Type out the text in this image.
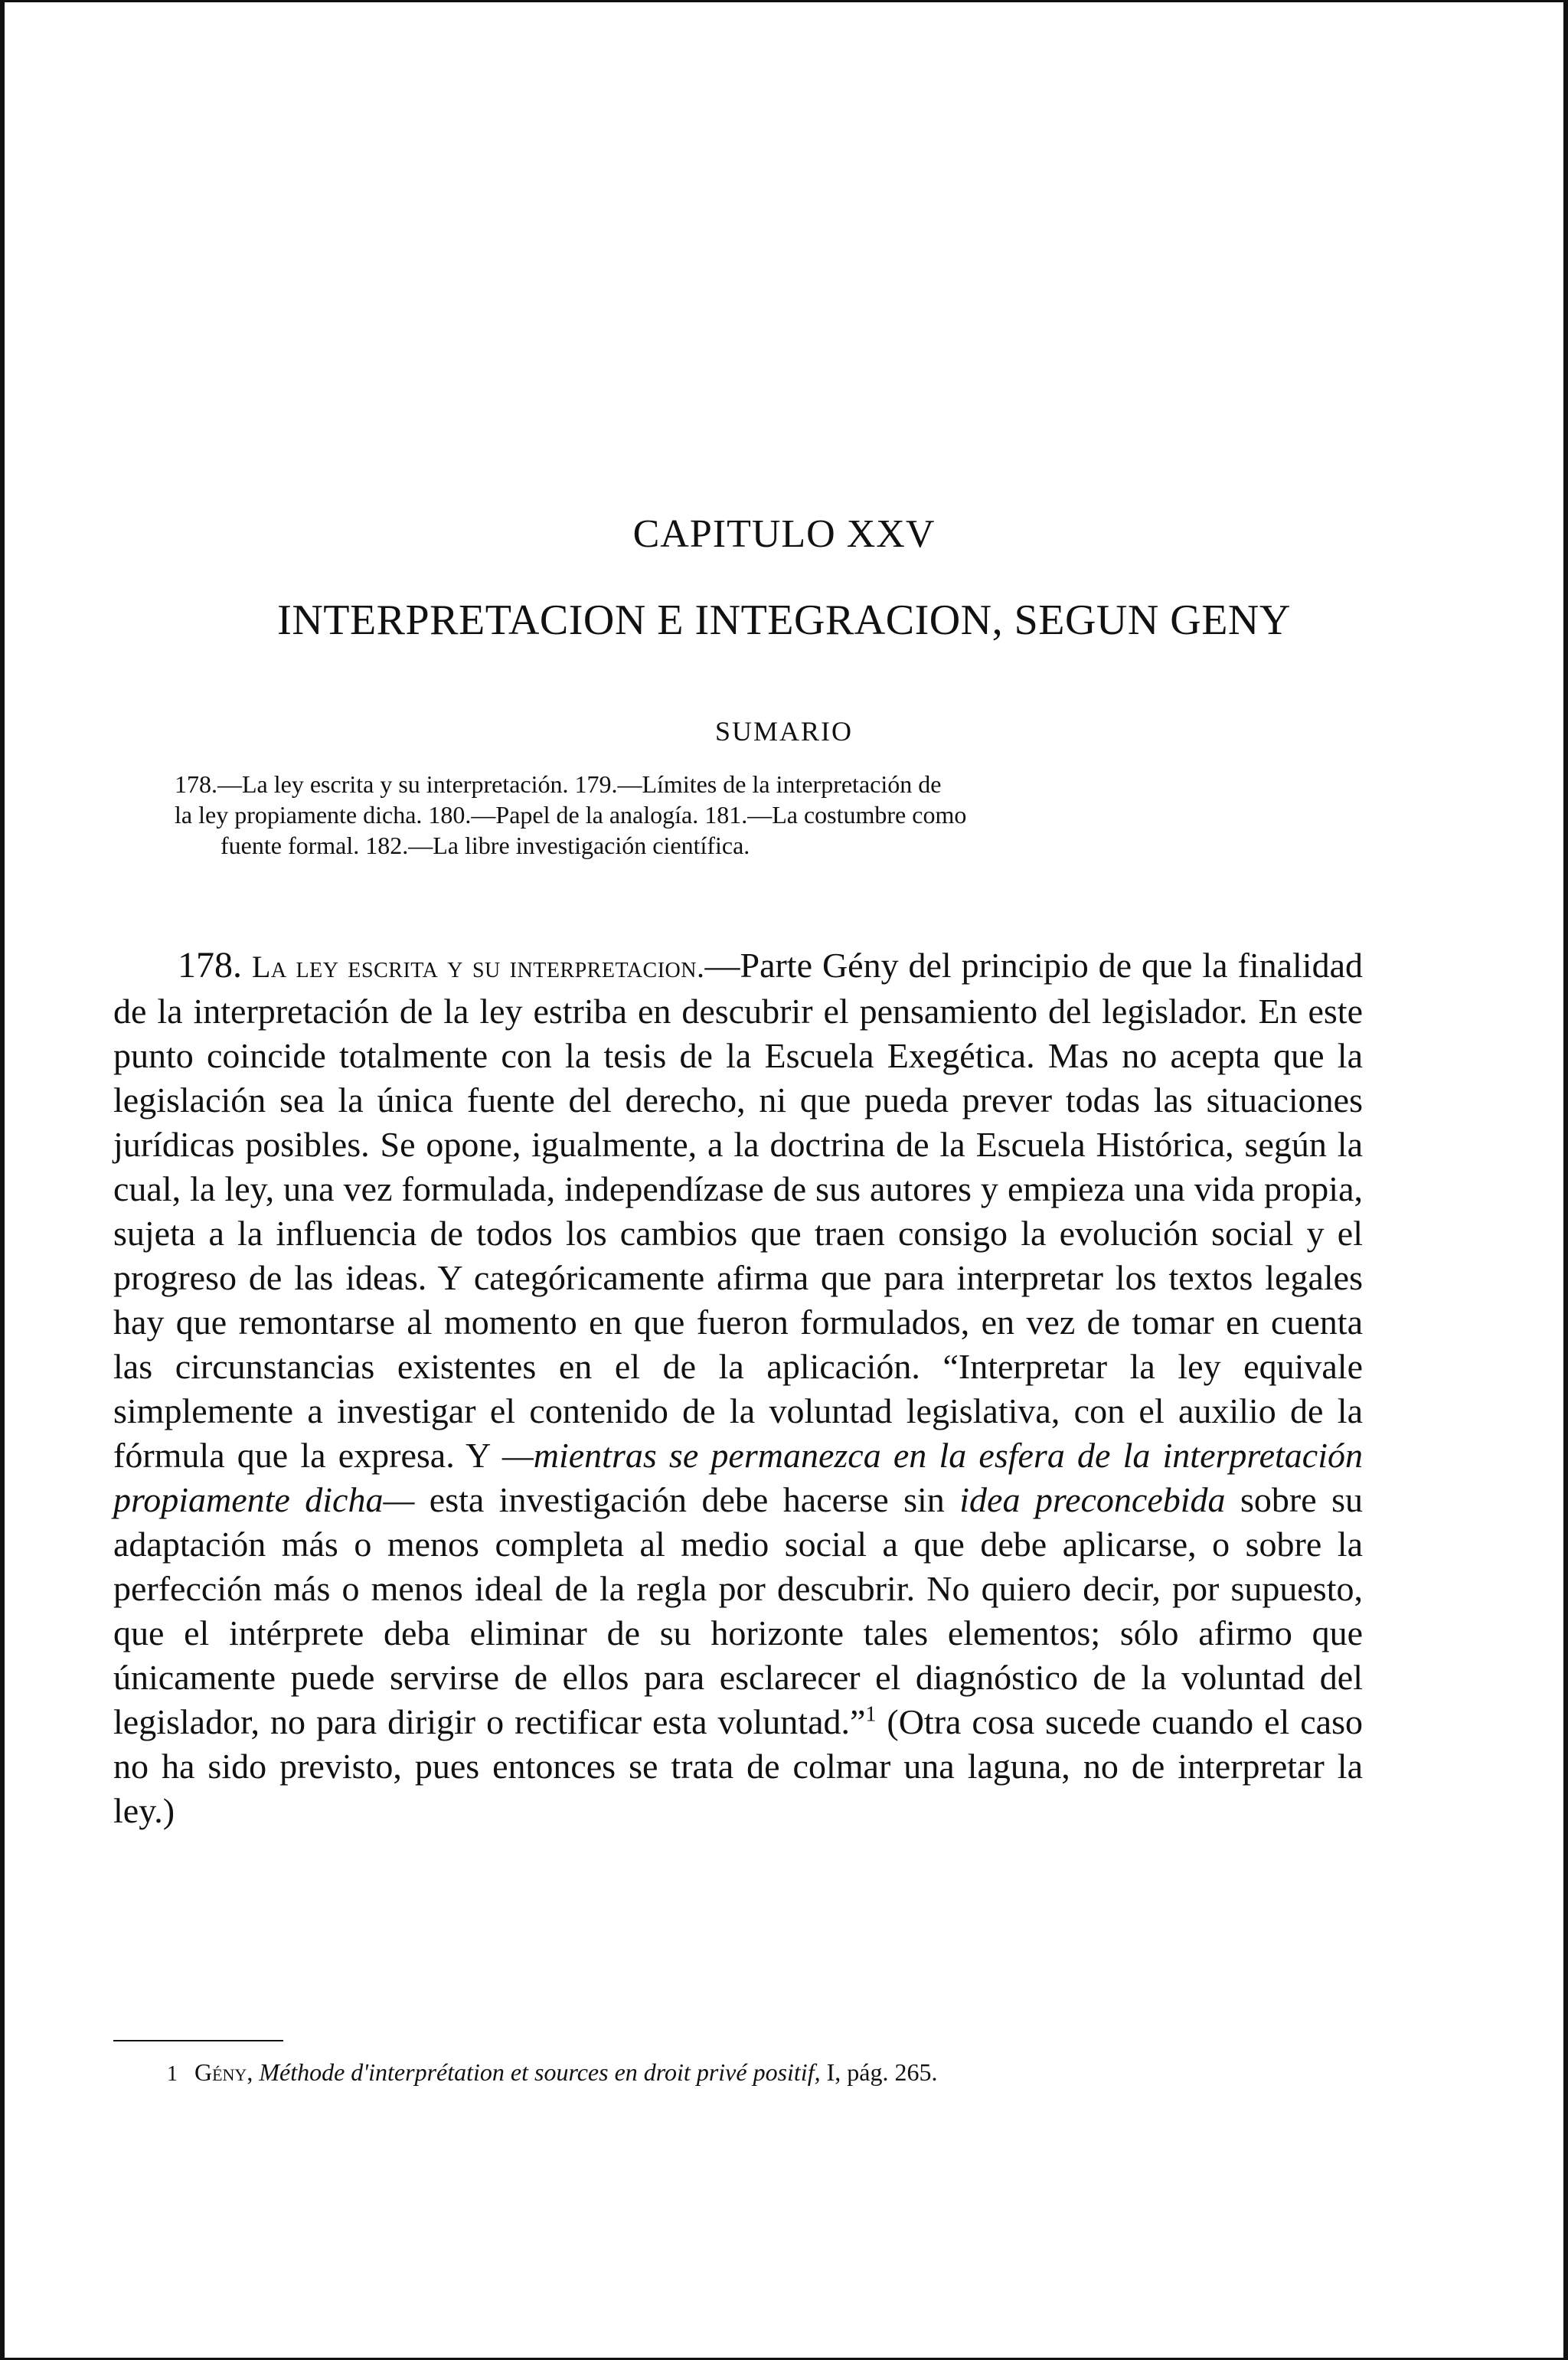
CAPITULO XXV
INTERPRETACION E INTEGRACION, SEGUN GENY
SUMARIO
178.—La ley escrita y su interpretación. 179.—Límites de la interpretación de
la ley propiamente dicha. 180.—Papel de la analogía. 181.—La costumbre como
fuente formal. 182.—La libre investigación científica.
178. La ley escrita y su interpretacion.—Parte Gény del principio de que la finalidad de la interpretación de la ley estriba en descubrir el pensamiento del legislador. En este punto coincide totalmente con la tesis de la Escuela Exegética. Mas no acepta que la legislación sea la única fuente del derecho, ni que pueda prever todas las situaciones jurídicas posibles. Se opone, igualmente, a la doctrina de la Escuela Histórica, según la cual, la ley, una vez formulada, independízase de sus autores y empieza una vida propia, sujeta a la influencia de todos los cambios que traen consigo la evolución social y el progreso de las ideas. Y categóricamente afirma que para interpretar los textos legales hay que remontarse al momento en que fueron formulados, en vez de tomar en cuenta las circunstancias existentes en el de la aplicación. “Interpretar la ley equivale simplemente a investigar el contenido de la voluntad legislativa, con el auxilio de la fórmula que la expresa. Y —mientras se permanezca en la esfera de la interpretación propiamente dicha— esta investigación debe hacerse sin idea preconcebida sobre su adaptación más o menos completa al medio social a que debe aplicarse, o sobre la perfección más o menos ideal de la regla por descubrir. No quiero decir, por supuesto, que el intérprete deba eliminar de su horizonte tales elementos; sólo afirmo que únicamente puede servirse de ellos para esclarecer el diagnóstico de la voluntad del legislador, no para dirigir o rectificar esta voluntad.”$^1$ (Otra cosa sucede cuando el caso no ha sido previsto, pues entonces se trata de colmar una laguna, no de interpretar la ley.)
1 Gény, Méthode d'interprétation et sources en droit privé positif, I, pág. 265.
